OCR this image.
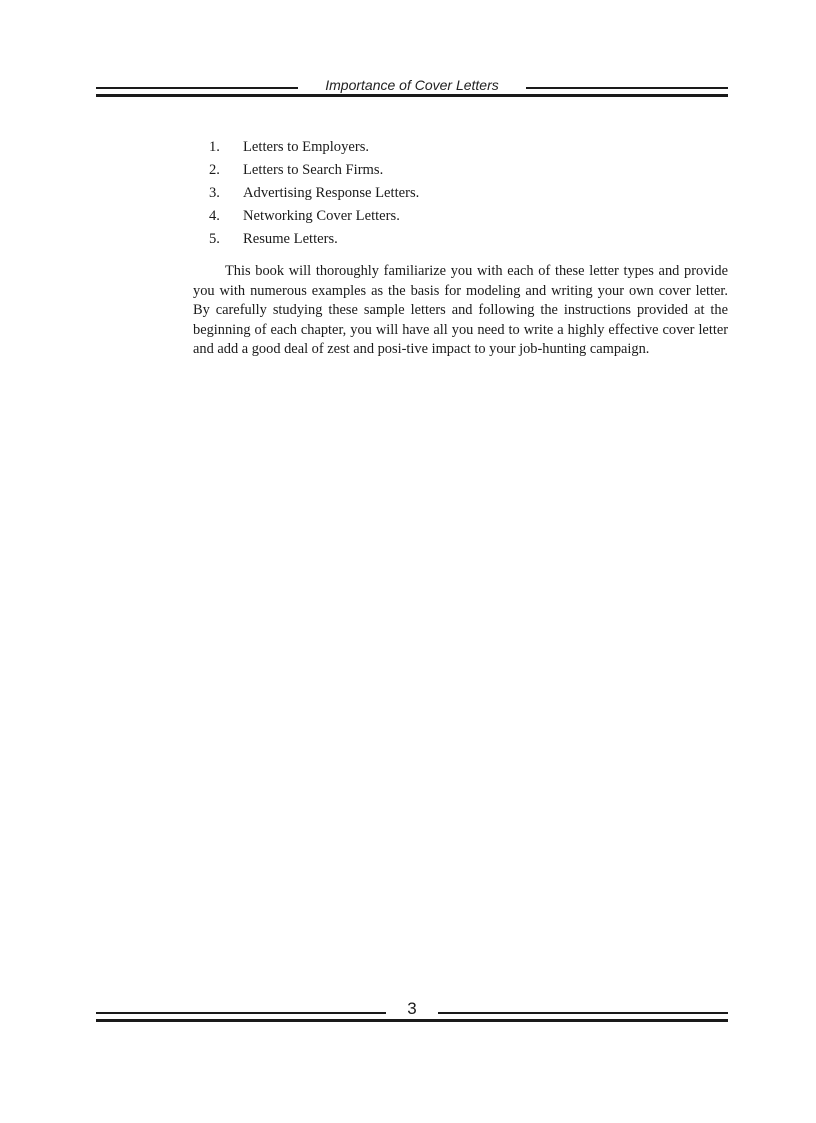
Importance of Cover Letters
1.	Letters to Employers.
2.	Letters to Search Firms.
3.	Advertising Response Letters.
4.	Networking Cover Letters.
5.	Resume Letters.

This book will thoroughly familiarize you with each of these letter types and provide you with numerous examples as the basis for modeling and writing your own cover letter. By carefully studying these sample letters and following the instructions provided at the beginning of each chapter, you will have all you need to write a highly effective cover letter and add a good deal of zest and posi-tive impact to your job-hunting campaign.

3
